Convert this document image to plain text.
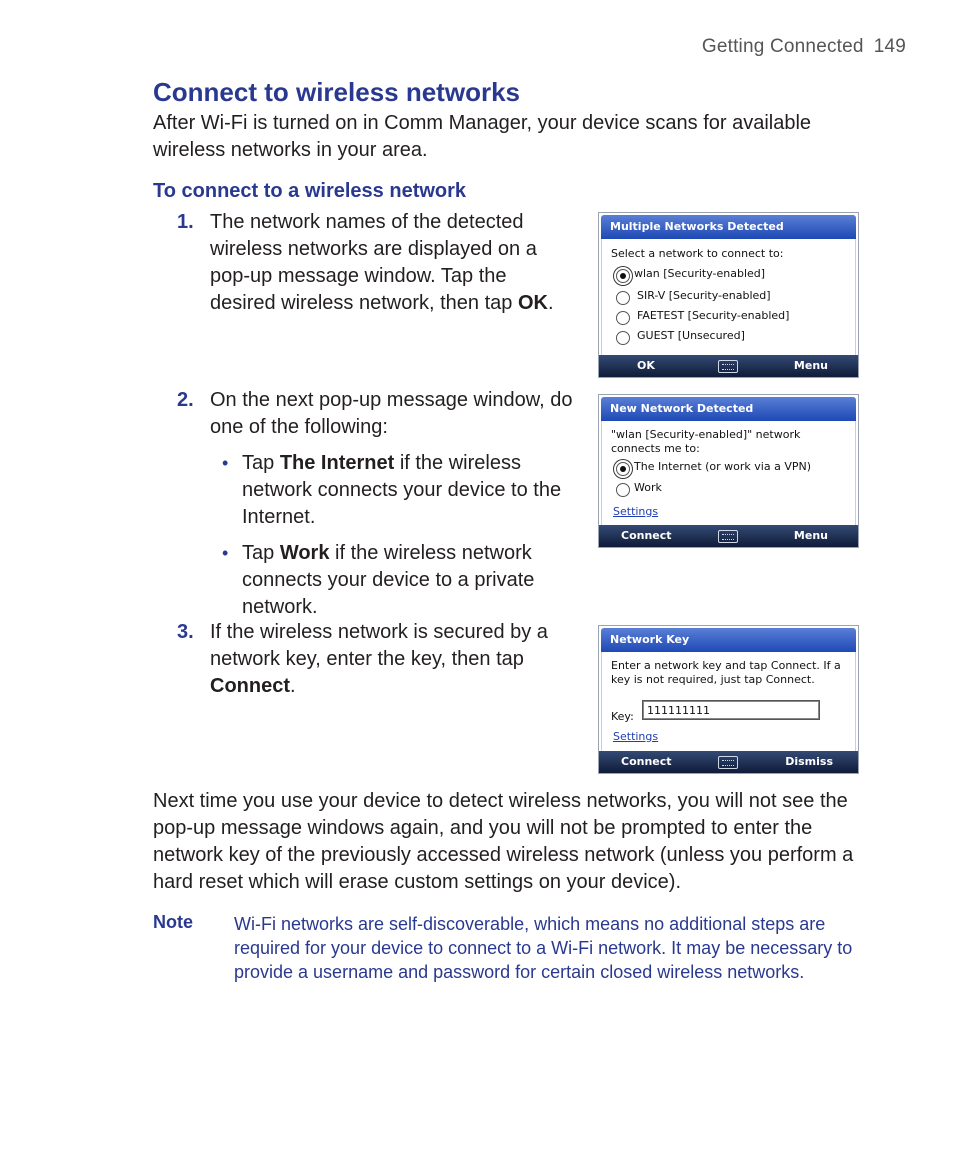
Getting Connected 149
Connect to wireless networks

After Wi-Fi is turned on in Comm Manager, your device scans for available wireless networks in your area.

To connect to a wireless network
1. The network names of the detected wireless networks are displayed on a pop-up message window. Tap the desired wireless network, then tap OK.
2. On the next pop-up message window, do one of the following:
• Tap The Internet if the wireless network connects your device to the Internet.
• Tap Work if the wireless network connects your device to a private network.
3. If the wireless network is secured by a network key, enter the key, then tap Connect.
Multiple Networks Detected
Select a network to connect to:
wlan [Security-enabled]
SIR-V [Security-enabled]
FAETEST [Security-enabled]
GUEST [Unsecured]
OK	Menu
New Network Detected
"wlan [Security-enabled]" network connects me to:
The Internet (or work via a VPN)
Work
Settings
Connect	Menu
Network Key
Enter a network key and tap Connect. If a key is not required, just tap Connect.
Key:	111111111
Settings
Connect	Dismiss

Next time you use your device to detect wireless networks, you will not see the pop-up message windows again, and you will not be prompted to enter the network key of the previously accessed wireless network (unless you perform a hard reset which will erase custom settings on your device).

Note Wi-Fi networks are self-discoverable, which means no additional steps are required for your device to connect to a Wi-Fi network. It may be necessary to provide a username and password for certain closed wireless networks.
